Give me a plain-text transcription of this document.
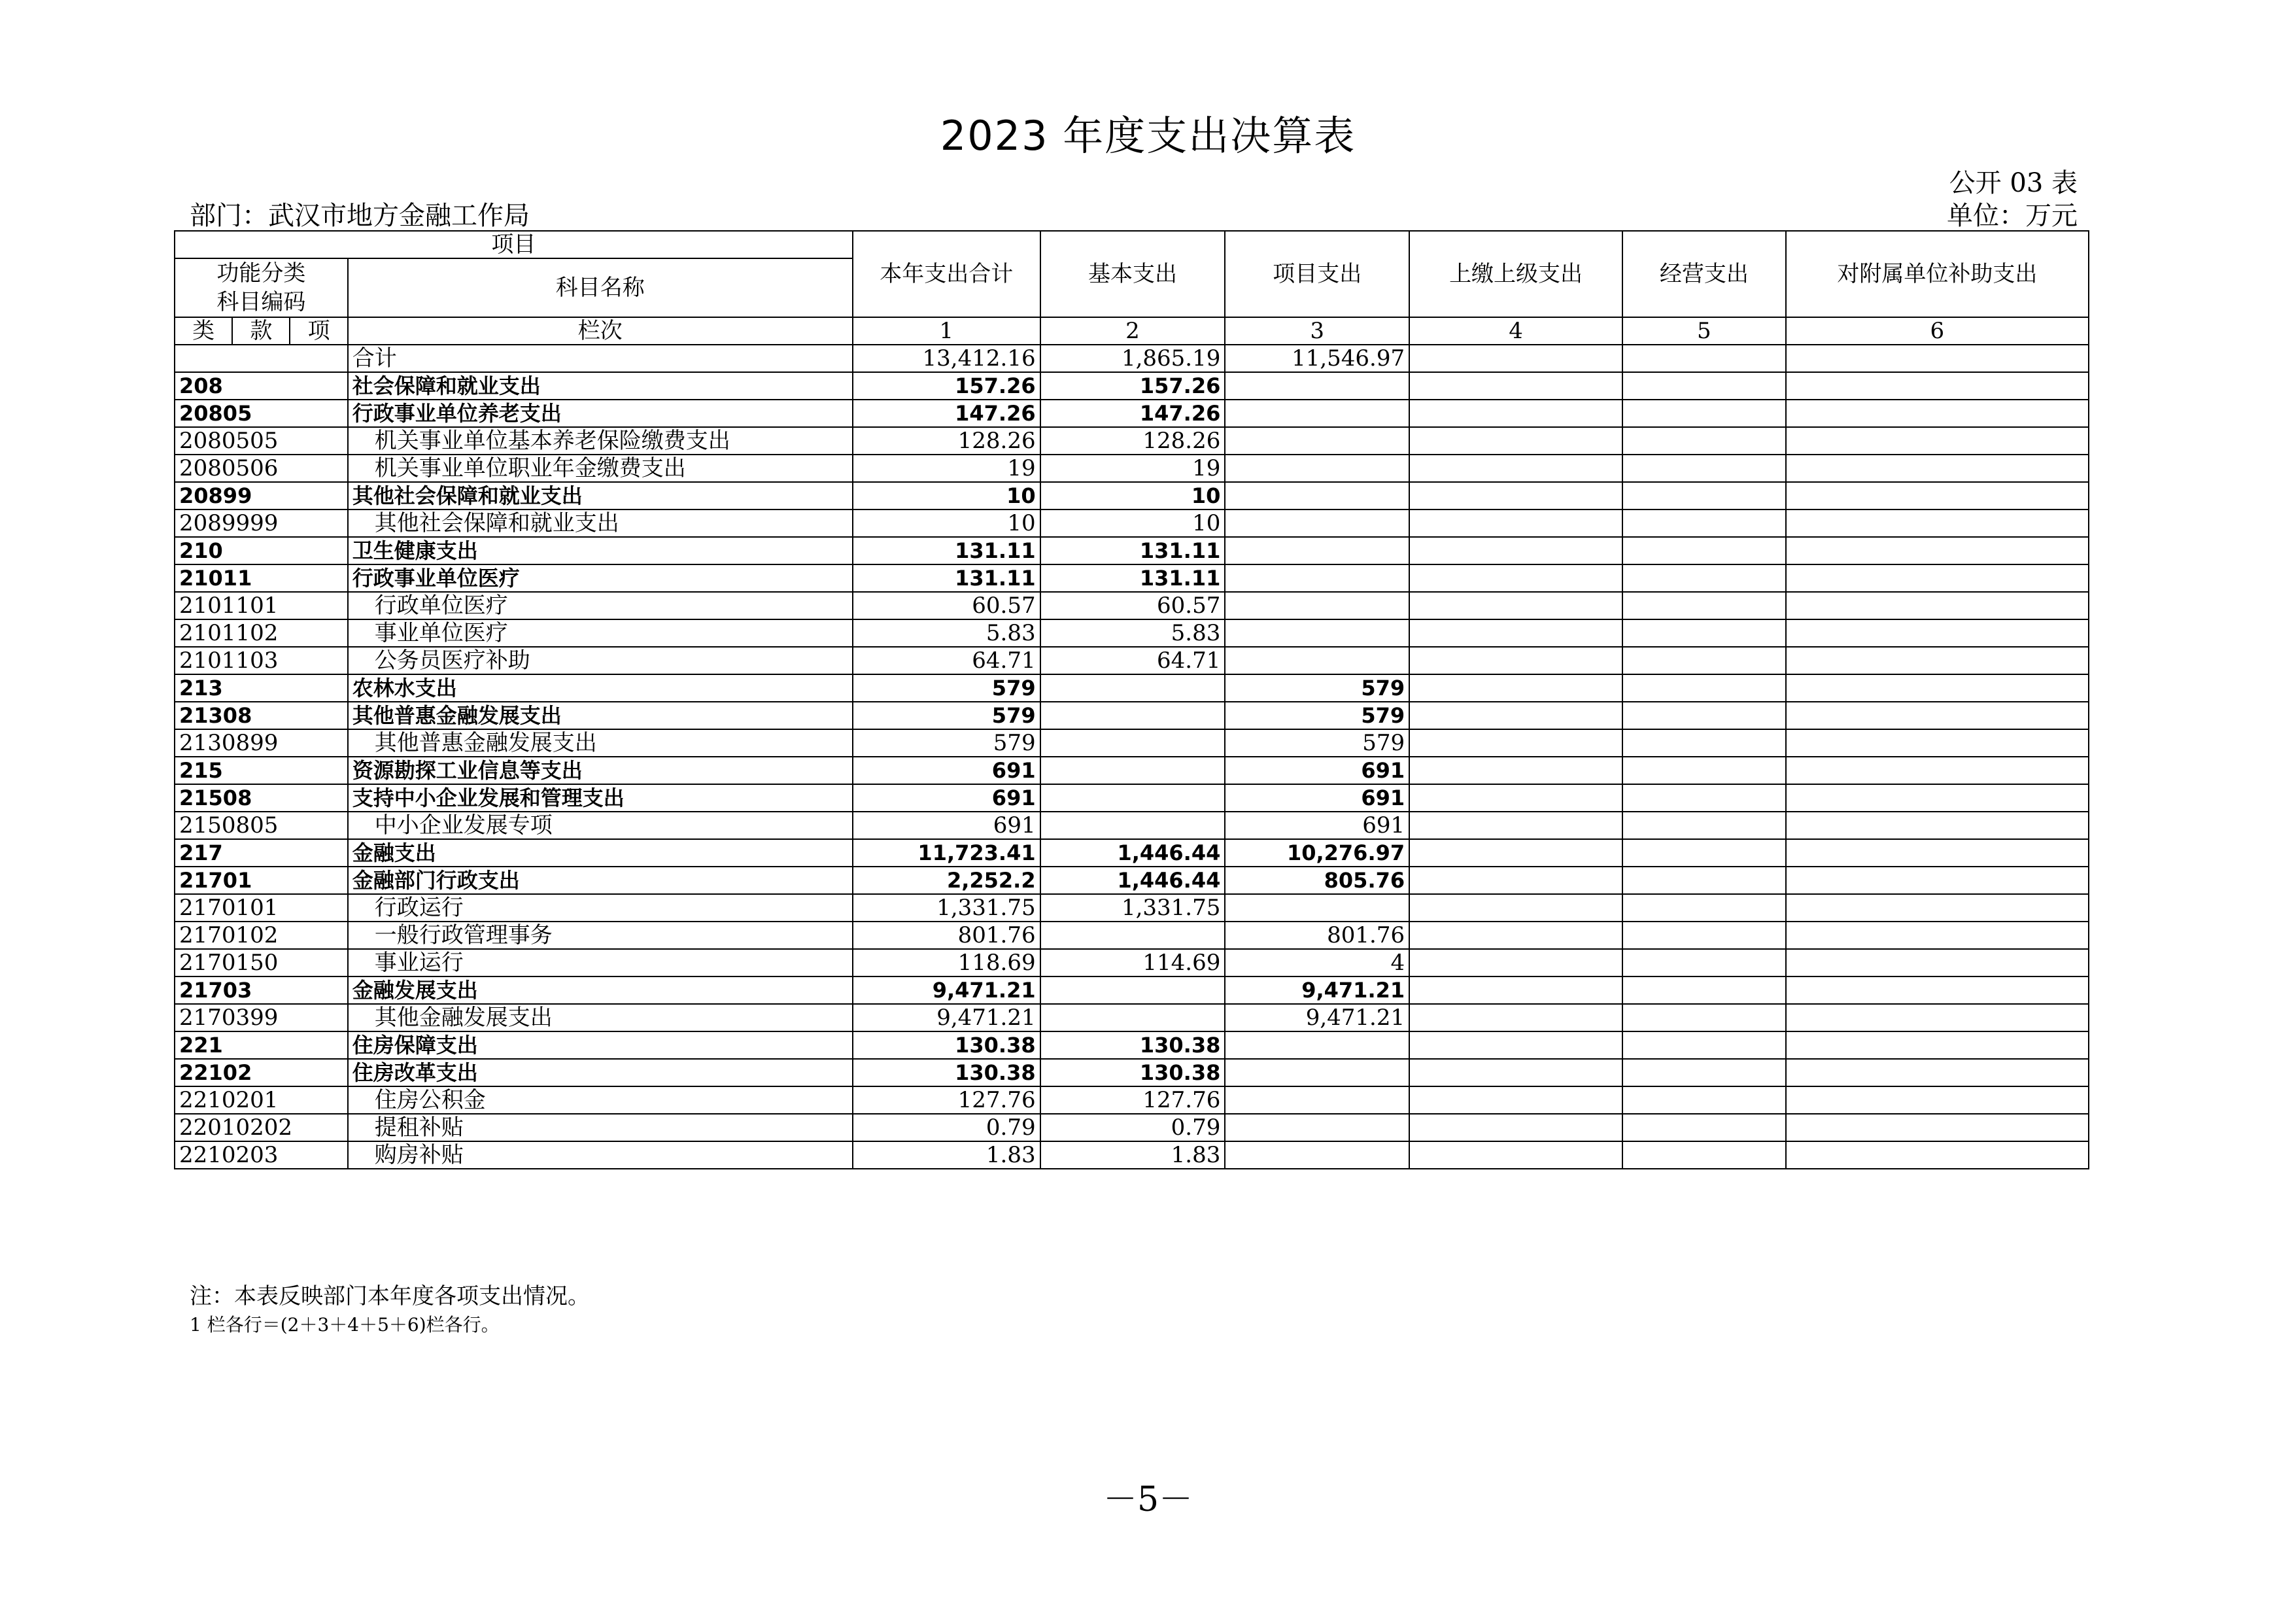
2023 年度支出决算表
公开 03 表
部门：武汉市地方金融工作局	单位：万元
项目				本年支出合计	基本支出	项目支出	上缴上级支出	经营支出	对附属单位补助支出

功能分类
科目编码			科目名称						
类	款	项	栏次	1	2	3	4	5	6
			合计	13,412.16	1,865.19	11,546.97			
208			社会保障和就业支出	157.26	157.26				
20805			行政事业单位养老支出	147.26	147.26				
2080505			机关事业单位基本养老保险缴费支出	128.26	128.26				
2080506			机关事业单位职业年金缴费支出	19	19				
20899			其他社会保障和就业支出	10	10				
2089999			其他社会保障和就业支出	10	10				
210			卫生健康支出	131.11	131.11				
21011			行政事业单位医疗	131.11	131.11				
2101101			行政单位医疗	60.57	60.57				
2101102			事业单位医疗	5.83	5.83				
2101103			公务员医疗补助	64.71	64.71				
213			农林水支出	579		579			
21308			其他普惠金融发展支出	579		579			
2130899			其他普惠金融发展支出	579		579			
215			资源勘探工业信息等支出	691		691			
21508			支持中小企业发展和管理支出	691		691			
2150805			中小企业发展专项	691		691			
217			金融支出	11,723.41	1,446.44	10,276.97			
21701			金融部门行政支出	2,252.2	1,446.44	805.76			
2170101			行政运行	1,331.75	1,331.75				
2170102			一般行政管理事务	801.76		801.76			
2170150			事业运行	118.69	114.69	4			
21703			金融发展支出	9,471.21		9,471.21			
2170399			其他金融发展支出	9,471.21		9,471.21			
221			住房保障支出	130.38	130.38				
22102			住房改革支出	130.38	130.38				
2210201			住房公积金	127.76	127.76				
22010202			提租补贴	0.79	0.79				
2210203			购房补贴	1.83	1.83				
注：本表反映部门本年度各项支出情况。
1 栏各行＝(2＋3＋4＋5＋6)栏各行。
－5－
